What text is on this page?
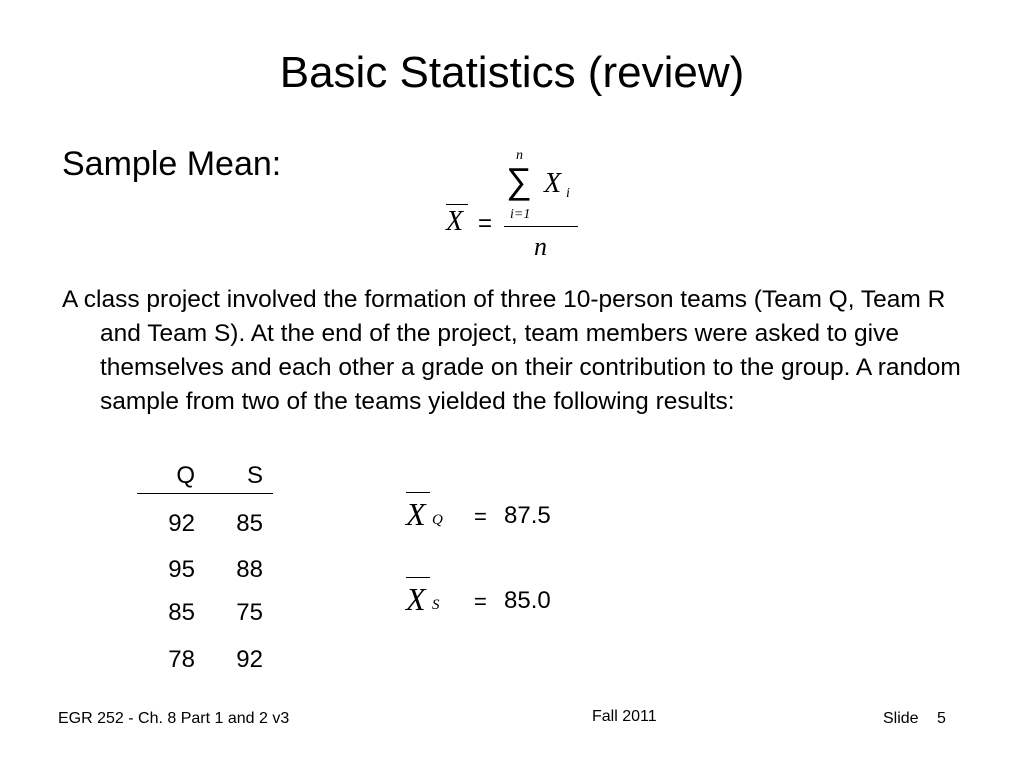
Basic Statistics (review)
Sample Mean:
X =
n
∑ X i
i=1
n
A class project involved the formation of three 10-person teams (Team Q, Team R and Team S). At the end of the project, team members were asked to give themselves and each other a grade on their contribution to the group. A random sample from two of the teams yielded the following results:
Q	S
92	85
95	88
85	75
78	92
X Q = 87.5
X S = 85.0
EGR 252 - Ch. 8 Part 1 and 2 v3	Fall 2011	Slide 5
